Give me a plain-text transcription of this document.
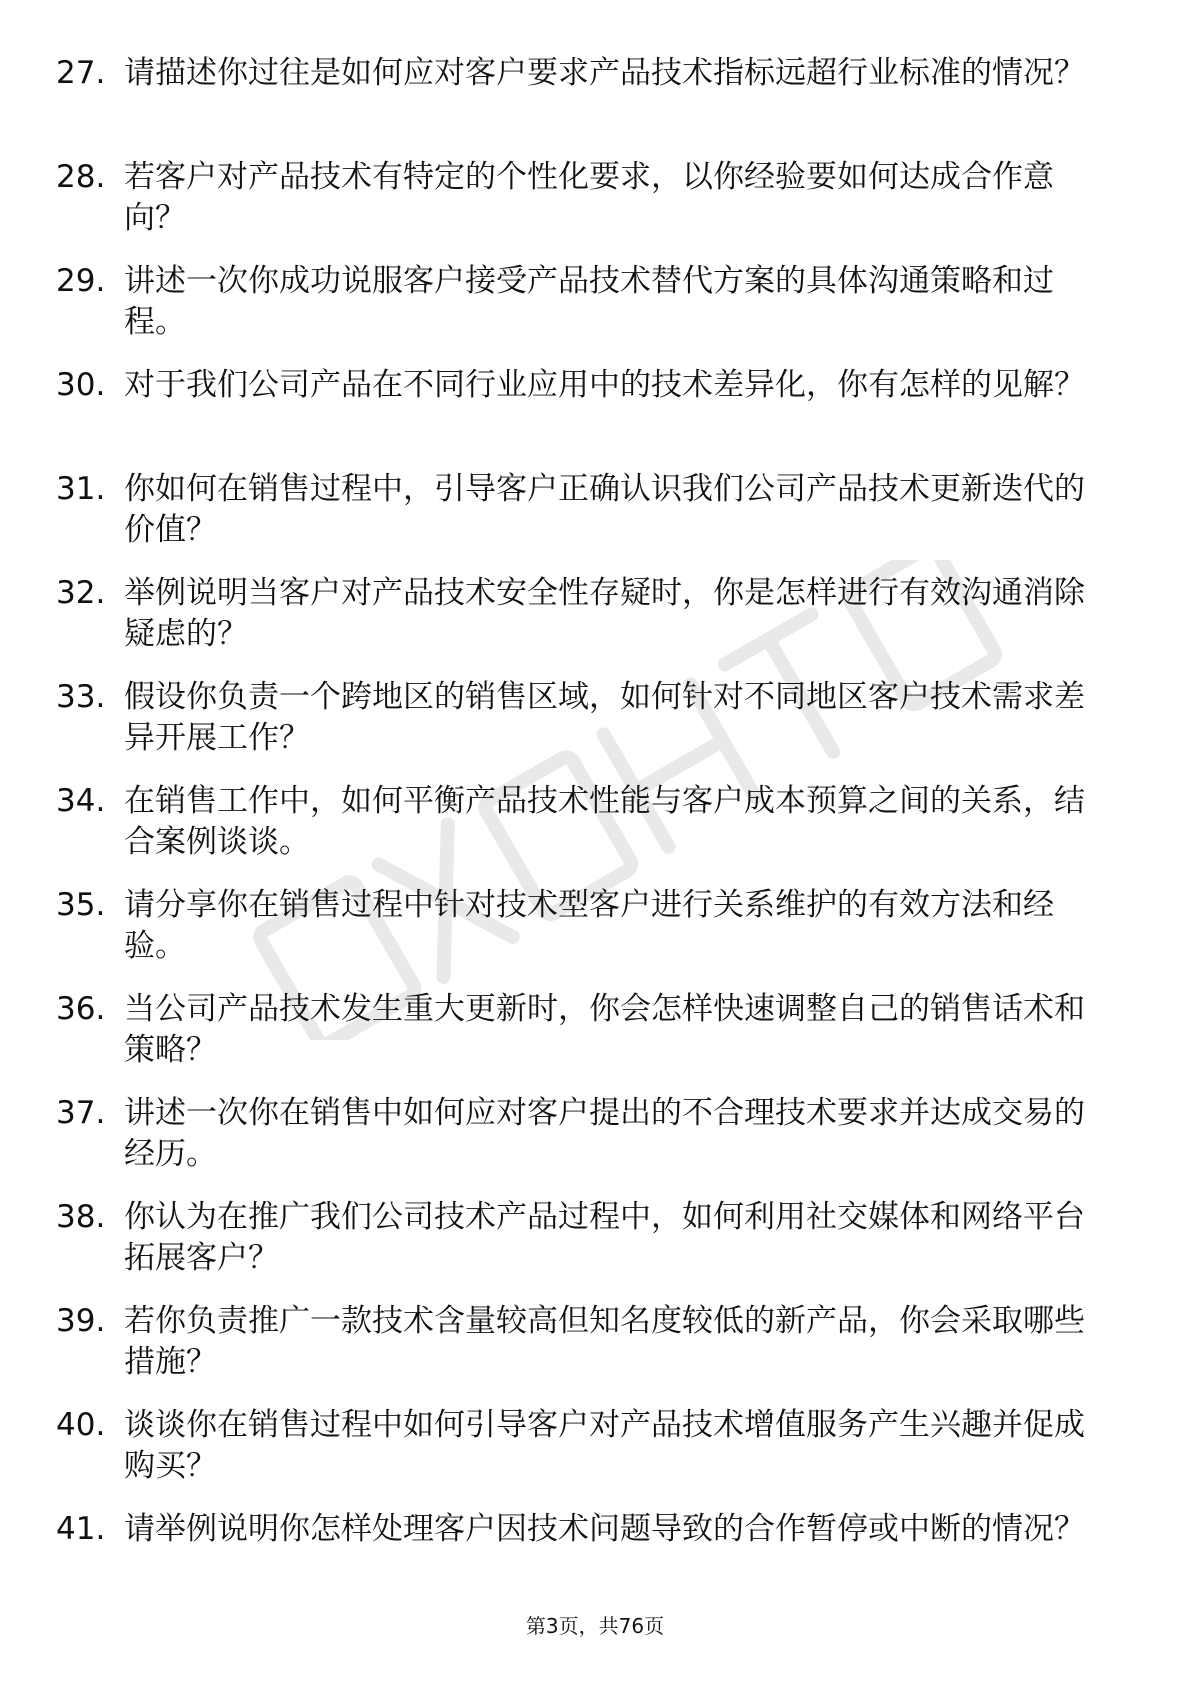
27. 请描述你过往是如何应对客户要求产品技术指标远超行业标准的情况？
28. 若客户对产品技术有特定的个性化要求，以你经验要如何达成合作意向？
29. 讲述一次你成功说服客户接受产品技术替代方案的具体沟通策略和过程。
30. 对于我们公司产品在不同行业应用中的技术差异化，你有怎样的见解？
31. 你如何在销售过程中，引导客户正确认识我们公司产品技术更新迭代的价值？
32. 举例说明当客户对产品技术安全性存疑时，你是怎样进行有效沟通消除疑虑的？
33. 假设你负责一个跨地区的销售区域，如何针对不同地区客户技术需求差异开展工作？
34. 在销售工作中，如何平衡产品技术性能与客户成本预算之间的关系，结合案例谈谈。
35. 请分享你在销售过程中针对技术型客户进行关系维护的有效方法和经验。
36. 当公司产品技术发生重大更新时，你会怎样快速调整自己的销售话术和策略？
37. 讲述一次你在销售中如何应对客户提出的不合理技术要求并达成交易的经历。
38. 你认为在推广我们公司技术产品过程中，如何利用社交媒体和网络平台拓展客户？
39. 若你负责推广一款技术含量较高但知名度较低的新产品，你会采取哪些措施？
40. 谈谈你在销售过程中如何引导客户对产品技术增值服务产生兴趣并促成购买？
41. 请举例说明你怎样处理客户因技术问题导致的合作暂停或中断的情况？
第3页，共76页
